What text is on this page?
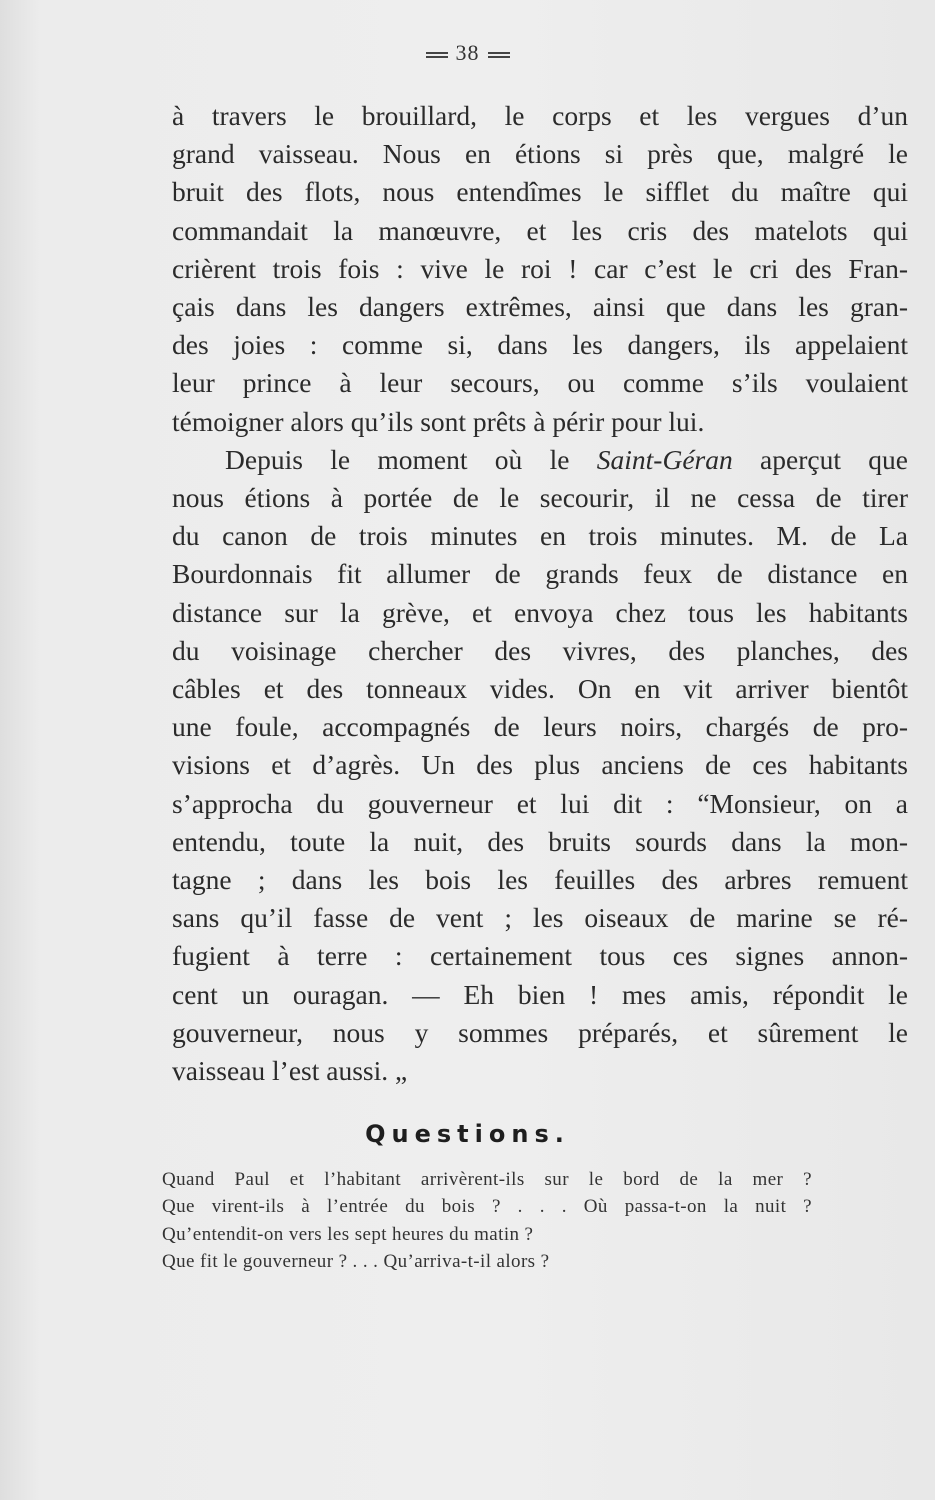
38
à travers le brouillard, le corps et les vergues d’un
grand vaisseau. Nous en étions si près que, malgré le
bruit des flots, nous entendîmes le sifflet du maître qui
commandait la manœuvre, et les cris des matelots qui
crièrent trois fois : vive le roi ! car c’est le cri des Fran-
çais dans les dangers extrêmes, ainsi que dans les gran-
des joies : comme si, dans les dangers, ils appelaient
leur prince à leur secours, ou comme s’ils voulaient
témoigner alors qu’ils sont prêts à périr pour lui.
Depuis le moment où le Saint-Géran aperçut que
nous étions à portée de le secourir, il ne cessa de tirer
du canon de trois minutes en trois minutes. M. de La
Bourdonnais fit allumer de grands feux de distance en
distance sur la grève, et envoya chez tous les habitants
du voisinage chercher des vivres, des planches, des
câbles et des tonneaux vides. On en vit arriver bientôt
une foule, accompagnés de leurs noirs, chargés de pro-
visions et d’agrès. Un des plus anciens de ces habitants
s’approcha du gouverneur et lui dit : “Monsieur, on a
entendu, toute la nuit, des bruits sourds dans la mon-
tagne ; dans les bois les feuilles des arbres remuent
sans qu’il fasse de vent ; les oiseaux de marine se ré-
fugient à terre : certainement tous ces signes annon-
cent un ouragan. — Eh bien ! mes amis, répondit le
gouverneur, nous y sommes préparés, et sûrement le
vaisseau l’est aussi. „
Questions.
Quand Paul et l’habitant arrivèrent-ils sur le bord de la mer ?
Que virent-ils à l’entrée du bois ? . . . Où passa-t-on la nuit ?
Qu’entendit-on vers les sept heures du matin ?
Que fit le gouverneur ? . . . Qu’arriva-t-il alors ?
